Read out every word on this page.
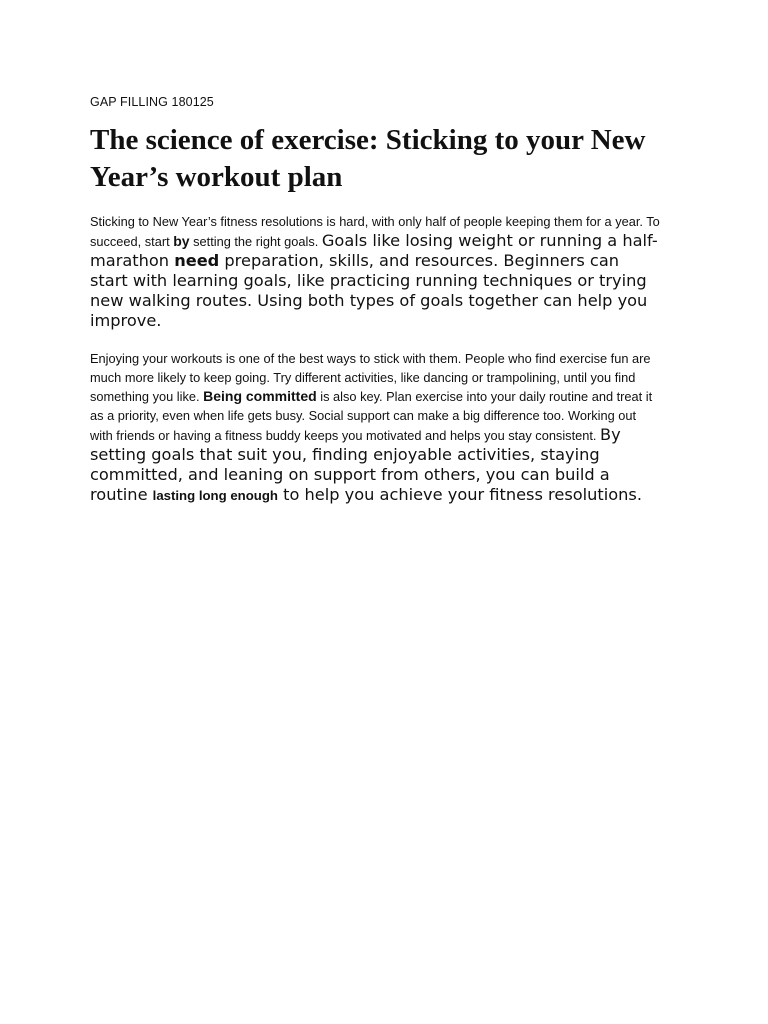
GAP FILLING 180125
The science of exercise: Sticking to your New Year’s workout plan

Sticking to New Year’s fitness resolutions is hard, with only half of people keeping them for a year. To succeed, start by setting the right goals. Goals like losing weight or running a half-marathon need preparation, skills, and resources. Beginners can start with learning goals, like practicing running techniques or trying new walking routes. Using both types of goals together can help you improve.

Enjoying your workouts is one of the best ways to stick with them. People who find exercise fun are much more likely to keep going. Try different activities, like dancing or trampolining, until you find something you like. Being committed is also key. Plan exercise into your daily routine and treat it as a priority, even when life gets busy. Social support can make a big difference too. Working out with friends or having a fitness buddy keeps you motivated and helps you stay consistent. By setting goals that suit you, finding enjoyable activities, staying committed, and leaning on support from others, you can build a routine lasting long enough to help you achieve your fitness resolutions.
